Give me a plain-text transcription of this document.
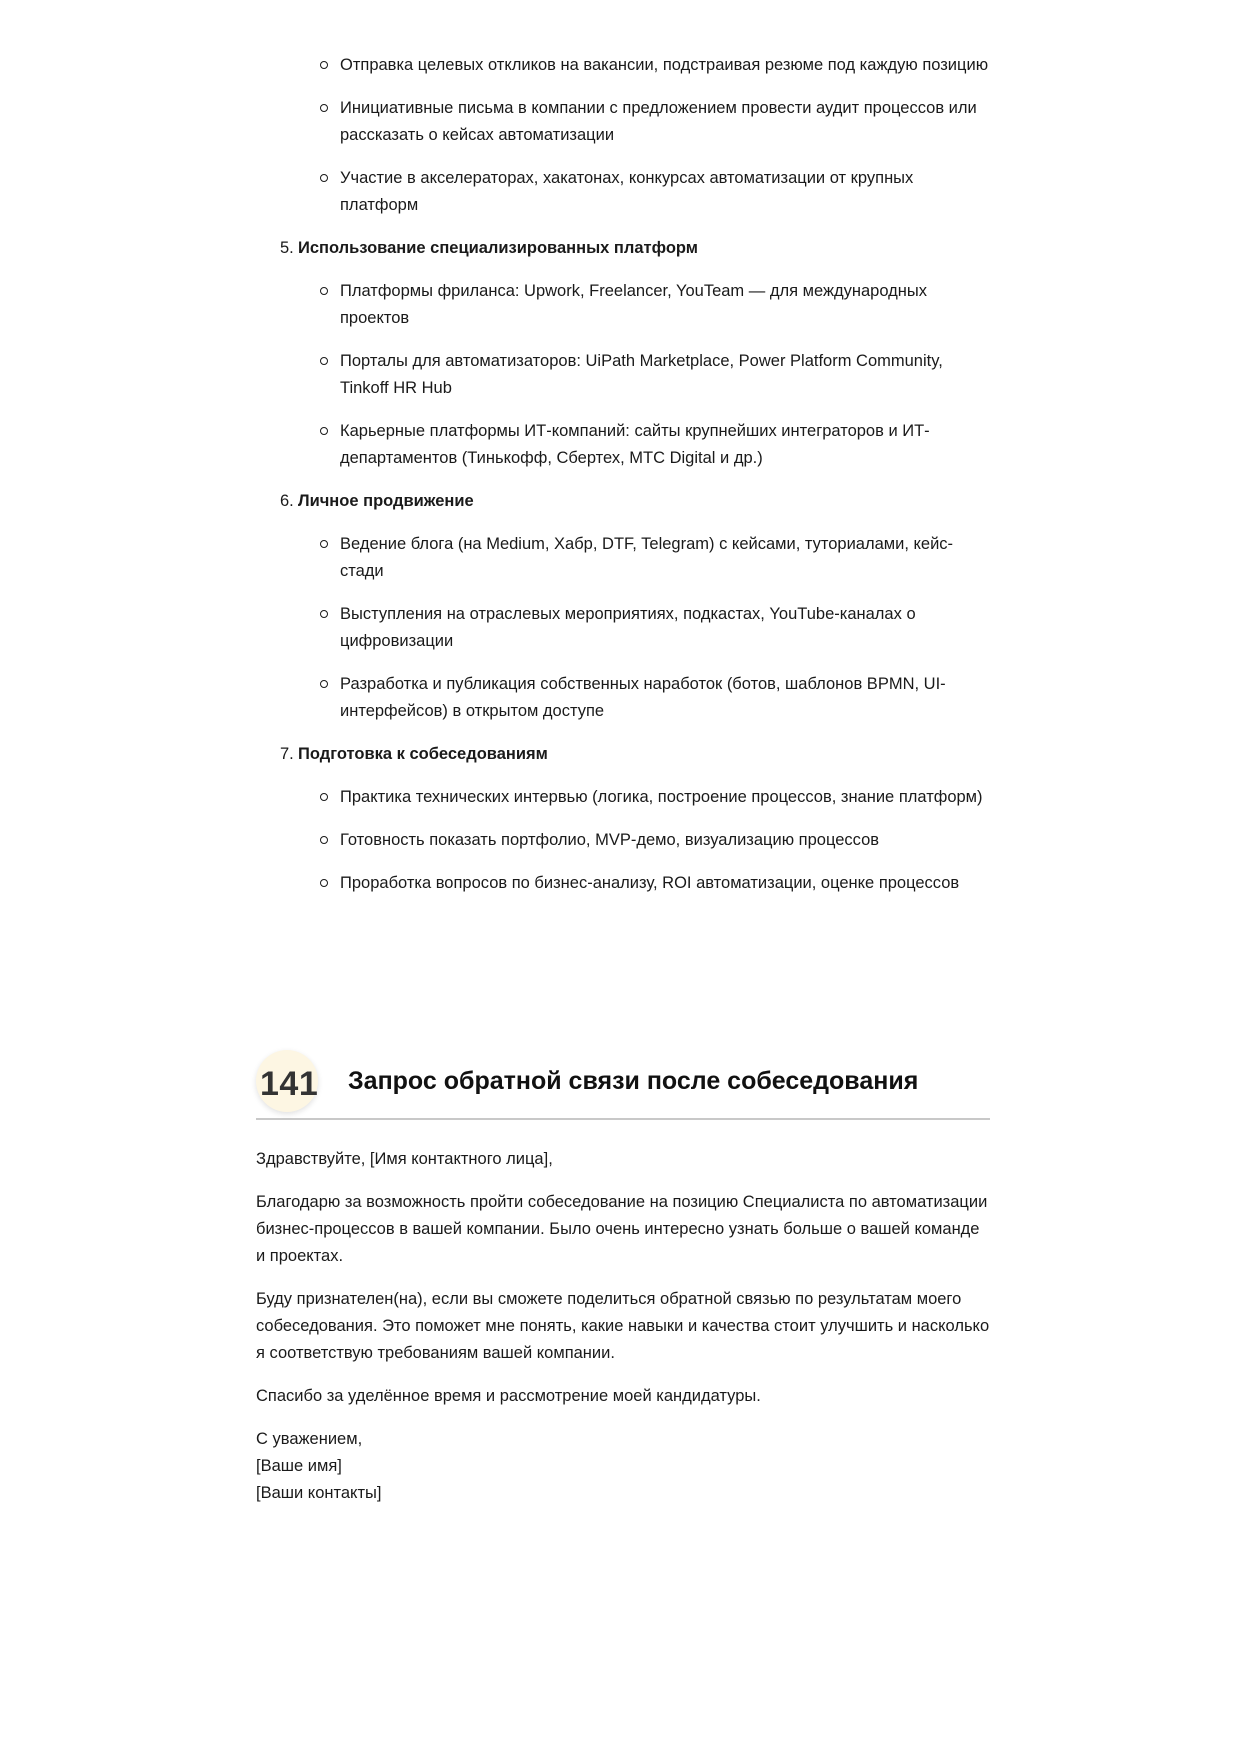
Отправка целевых откликов на вакансии, подстраивая резюме под каждую позицию
Инициативные письма в компании с предложением провести аудит процессов или рассказать о кейсах автоматизации
Участие в акселераторах, хакатонах, конкурсах автоматизации от крупных платформ
5. Использование специализированных платформ
Платформы фриланса: Upwork, Freelancer, YouTeam — для международных проектов
Порталы для автоматизаторов: UiPath Marketplace, Power Platform Community, Tinkoff HR Hub
Карьерные платформы ИТ-компаний: сайты крупнейших интеграторов и ИТ-департаментов (Тинькофф, Сбертех, МТС Digital и др.)
6. Личное продвижение
Ведение блога (на Medium, Хабр, DTF, Telegram) с кейсами, туториалами, кейс-стади
Выступления на отраслевых мероприятиях, подкастах, YouTube-каналах о цифровизации
Разработка и публикация собственных наработок (ботов, шаблонов BPMN, UI-интерфейсов) в открытом доступе
7. Подготовка к собеседованиям
Практика технических интервью (логика, построение процессов, знание платформ)
Готовность показать портфолио, MVP-демо, визуализацию процессов
Проработка вопросов по бизнес-анализу, ROI автоматизации, оценке процессов
141 Запрос обратной связи после собеседования

Здравствуйте, [Имя контактного лица],

Благодарю за возможность пройти собеседование на позицию Специалиста по автоматизации бизнес-процессов в вашей компании. Было очень интересно узнать больше о вашей команде и проектах.

Буду признателен(на), если вы сможете поделиться обратной связью по результатам моего собеседования. Это поможет мне понять, какие навыки и качества стоит улучшить и насколько я соответствую требованиям вашей компании.

Спасибо за уделённое время и рассмотрение моей кандидатуры.

С уважением,
[Ваше имя]
[Ваши контакты]
